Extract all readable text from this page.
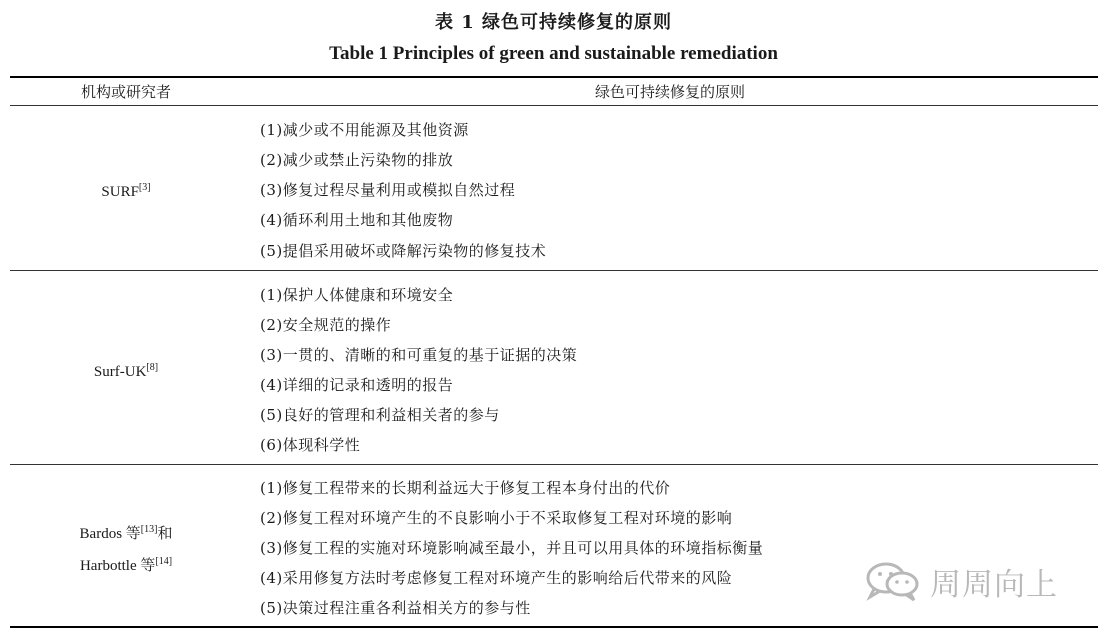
表 1 绿色可持续修复的原则
Table 1 Principles of green and sustainable remediation
机构或研究者	绿色可持续修复的原则
SURF[3]
(1)减少或不用能源及其他资源
(2)减少或禁止污染物的排放
(3)修复过程尽量利用或模拟自然过程
(4)循环利用土地和其他废物
(5)提倡采用破坏或降解污染物的修复技术
Surf-UK[8]
(1)保护人体健康和环境安全
(2)安全规范的操作
(3)一贯的、清晰的和可重复的基于证据的决策
(4)详细的记录和透明的报告
(5)良好的管理和利益相关者的参与
(6)体现科学性
Bardos 等[13]和
Harbottle 等[14]
(1)修复工程带来的长期利益远大于修复工程本身付出的代价
(2)修复工程对环境产生的不良影响小于不采取修复工程对环境的影响
(3)修复工程的实施对环境影响减至最小，并且可以用具体的环境指标衡量
(4)采用修复方法时考虑修复工程对环境产生的影响给后代带来的风险
(5)决策过程注重各利益相关方的参与性
周周向上
